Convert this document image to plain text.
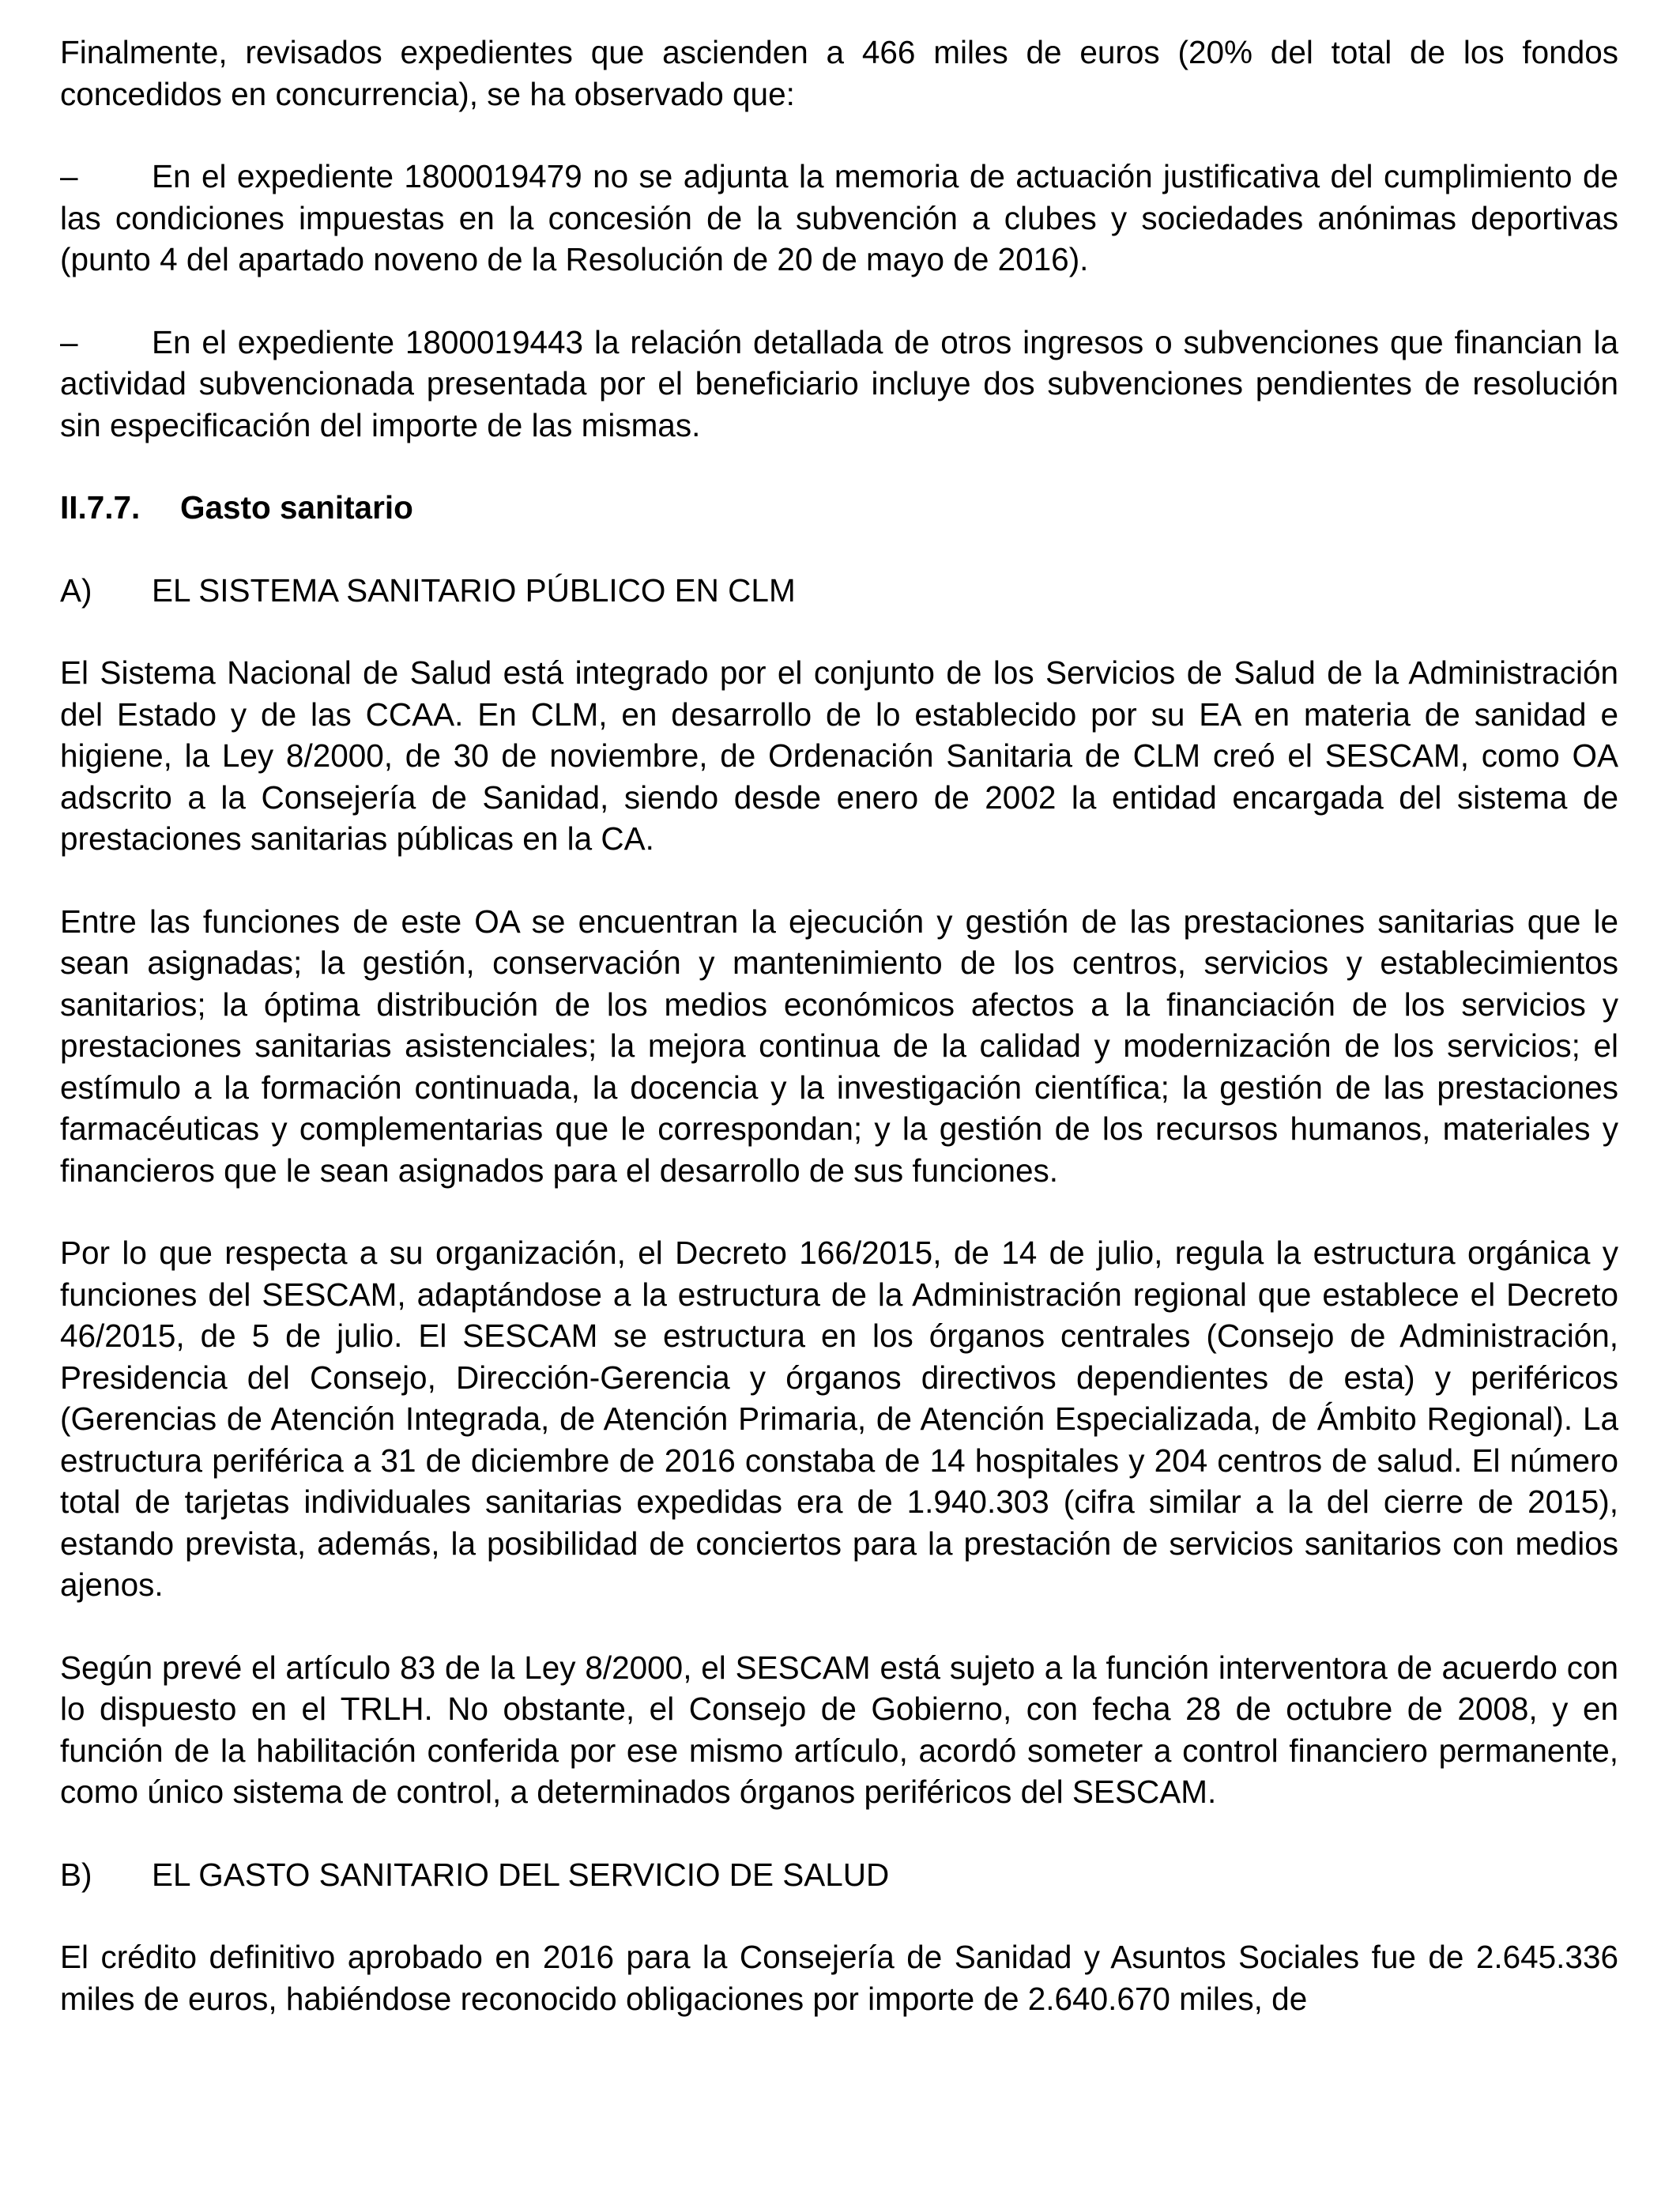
Finalmente, revisados expedientes que ascienden a 466 miles de euros (20% del total de los fondos concedidos en concurrencia), se ha observado que:

– En el expediente 1800019479 no se adjunta la memoria de actuación justificativa del cumplimiento de las condiciones impuestas en la concesión de la subvención a clubes y sociedades anónimas deportivas (punto 4 del apartado noveno de la Resolución de 20 de mayo de 2016).

– En el expediente 1800019443 la relación detallada de otros ingresos o subvenciones que financian la actividad subvencionada presentada por el beneficiario incluye dos subvenciones pendientes de resolución sin especificación del importe de las mismas.

II.7.7. Gasto sanitario

A) EL SISTEMA SANITARIO PÚBLICO EN CLM

El Sistema Nacional de Salud está integrado por el conjunto de los Servicios de Salud de la Administración del Estado y de las CCAA. En CLM, en desarrollo de lo establecido por su EA en materia de sanidad e higiene, la Ley 8/2000, de 30 de noviembre, de Ordenación Sanitaria de CLM creó el SESCAM, como OA adscrito a la Consejería de Sanidad, siendo desde enero de 2002 la entidad encargada del sistema de prestaciones sanitarias públicas en la CA.

Entre las funciones de este OA se encuentran la ejecución y gestión de las prestaciones sanitarias que le sean asignadas; la gestión, conservación y mantenimiento de los centros, servicios y establecimientos sanitarios; la óptima distribución de los medios económicos afectos a la financiación de los servicios y prestaciones sanitarias asistenciales; la mejora continua de la calidad y modernización de los servicios; el estímulo a la formación continuada, la docencia y la investigación científica; la gestión de las prestaciones farmacéuticas y complementarias que le correspondan; y la gestión de los recursos humanos, materiales y financieros que le sean asignados para el desarrollo de sus funciones.

Por lo que respecta a su organización, el Decreto 166/2015, de 14 de julio, regula la estructura orgánica y funciones del SESCAM, adaptándose a la estructura de la Administración regional que establece el Decreto 46/2015, de 5 de julio. El SESCAM se estructura en los órganos centrales (Consejo de Administración, Presidencia del Consejo, Dirección-Gerencia y órganos directivos dependientes de esta) y periféricos (Gerencias de Atención Integrada, de Atención Primaria, de Atención Especializada, de Ámbito Regional). La estructura periférica a 31 de diciembre de 2016 constaba de 14 hospitales y 204 centros de salud. El número total de tarjetas individuales sanitarias expedidas era de 1.940.303 (cifra similar a la del cierre de 2015), estando prevista, además, la posibilidad de conciertos para la prestación de servicios sanitarios con medios ajenos.

Según prevé el artículo 83 de la Ley 8/2000, el SESCAM está sujeto a la función interventora de acuerdo con lo dispuesto en el TRLH. No obstante, el Consejo de Gobierno, con fecha 28 de octubre de 2008, y en función de la habilitación conferida por ese mismo artículo, acordó someter a control financiero permanente, como único sistema de control, a determinados órganos periféricos del SESCAM.

B) EL GASTO SANITARIO DEL SERVICIO DE SALUD

El crédito definitivo aprobado en 2016 para la Consejería de Sanidad y Asuntos Sociales fue de 2.645.336 miles de euros, habiéndose reconocido obligaciones por importe de 2.640.670 miles, de
